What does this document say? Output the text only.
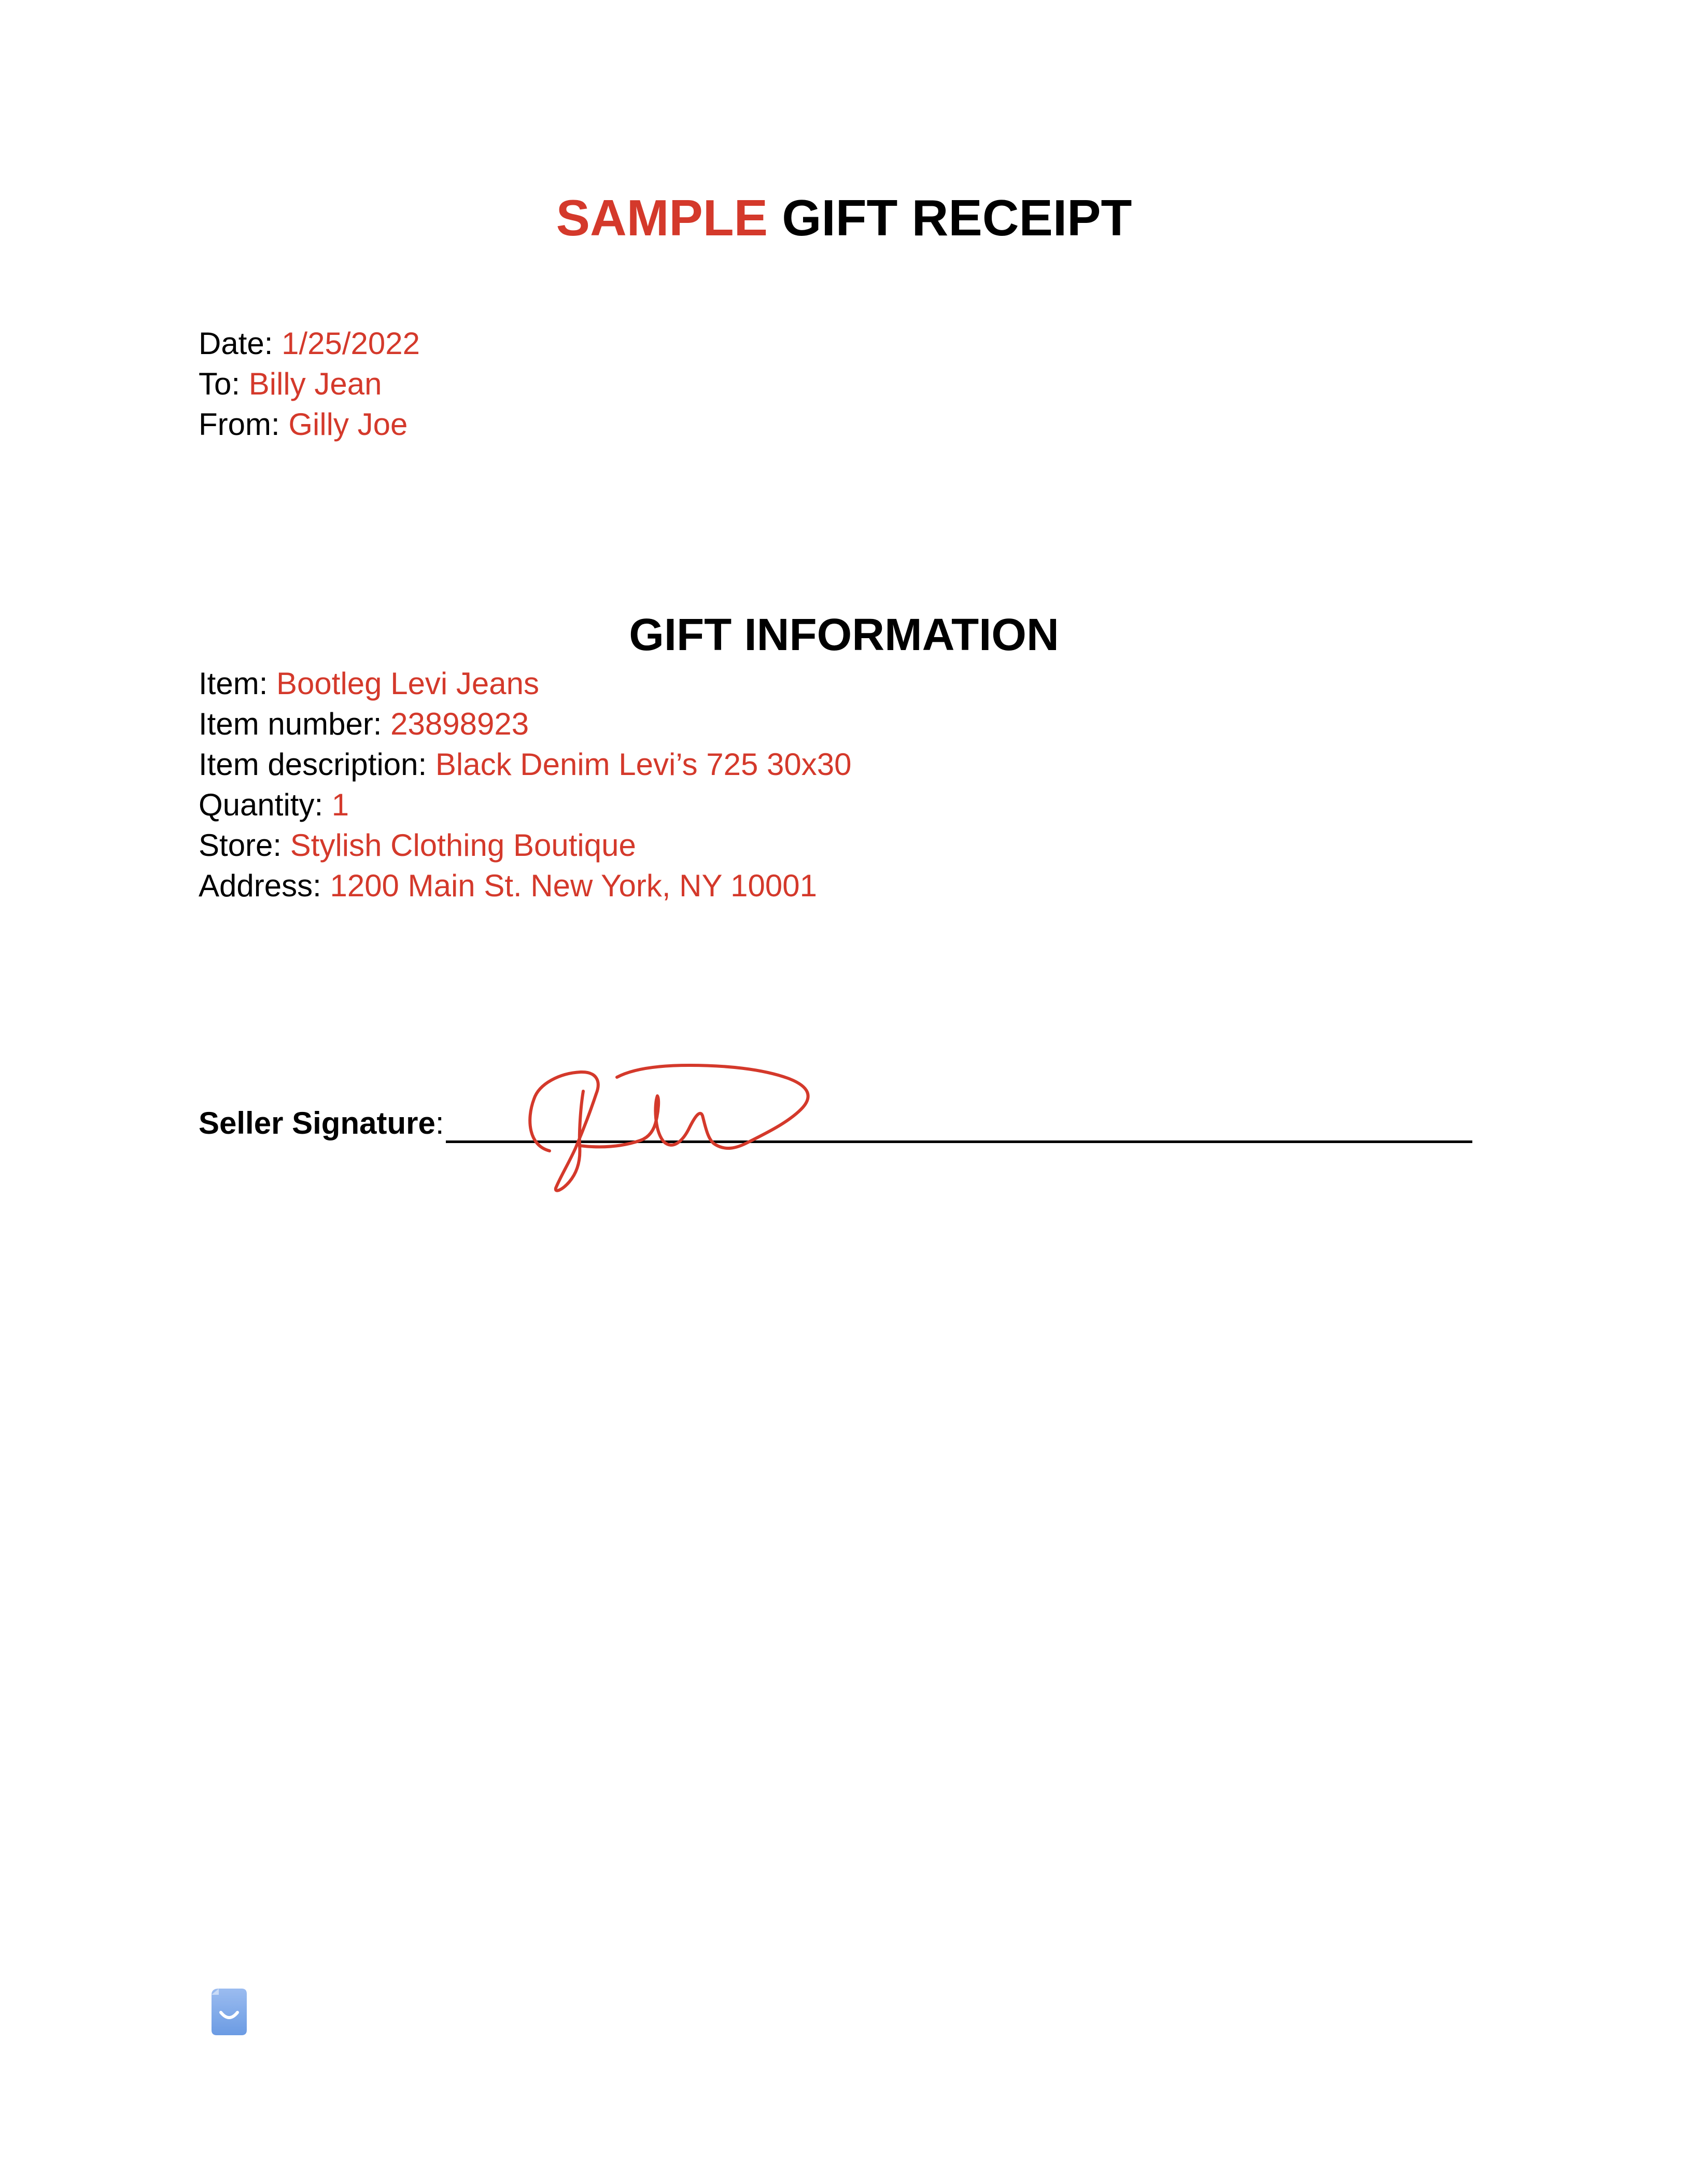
SAMPLE GIFT RECEIPT
Date: 1/25/2022
To: Billy Jean
From: Gilly Joe
GIFT INFORMATION
Item: Bootleg Levi Jeans
Item number: 23898923
Item description: Black Denim Levi’s 725 30x30
Quantity: 1
Store: Stylish Clothing Boutique
Address: 1200 Main St. New York, NY 10001
Seller Signature:
